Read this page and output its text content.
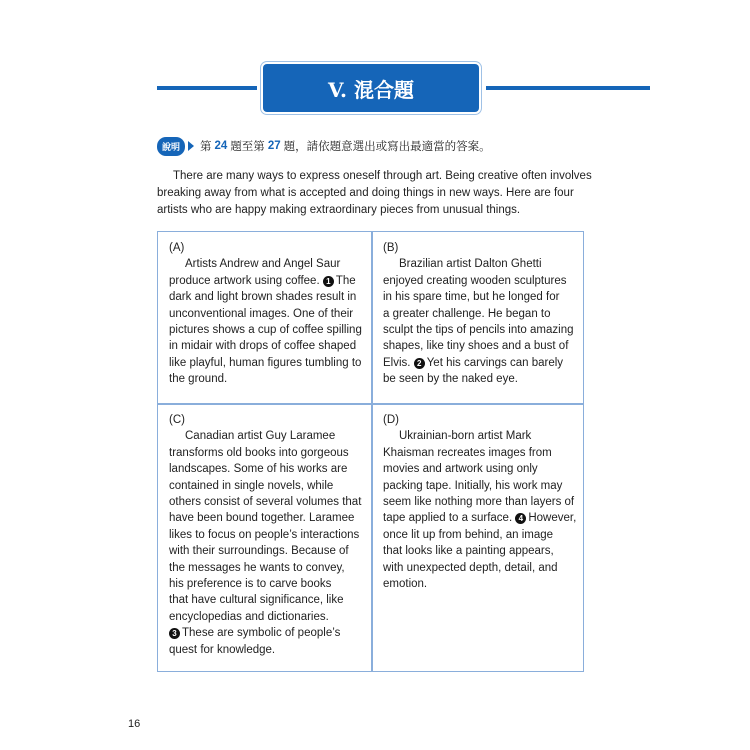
V. 混合題
說明	第 24 題至第 27 題，請依題意選出或寫出最適當的答案。
There are many ways to express oneself through art. Being creative often involves
breaking away from what is accepted and doing things in new ways. Here are four
artists who are happy making extraordinary pieces from unusual things.
(A)
Artists Andrew and Angel Saur
produce artwork using coffee. 1 The
dark and light brown shades result in
unconventional images. One of their
pictures shows a cup of coffee spilling
in midair with drops of coffee shaped
like playful, human figures tumbling to
the ground.
(B)
Brazilian artist Dalton Ghetti
enjoyed creating wooden sculptures
in his spare time, but he longed for
a greater challenge. He began to
sculpt the tips of pencils into amazing
shapes, like tiny shoes and a bust of
Elvis. 2 Yet his carvings can barely
be seen by the naked eye.
(C)
Canadian artist Guy Laramee
transforms old books into gorgeous
landscapes. Some of his works are
contained in single novels, while
others consist of several volumes that
have been bound together. Laramee
likes to focus on people’s interactions
with their surroundings. Because of
the messages he wants to convey,
his preference is to carve books
that have cultural significance, like
encyclopedias and dictionaries.
3 These are symbolic of people’s
quest for knowledge.
(D)
Ukrainian-born artist Mark
Khaisman recreates images from
movies and artwork using only
packing tape. Initially, his work may
seem like nothing more than layers of
tape applied to a surface. 4 However,
once lit up from behind, an image
that looks like a painting appears,
with unexpected depth, detail, and
emotion.
16
